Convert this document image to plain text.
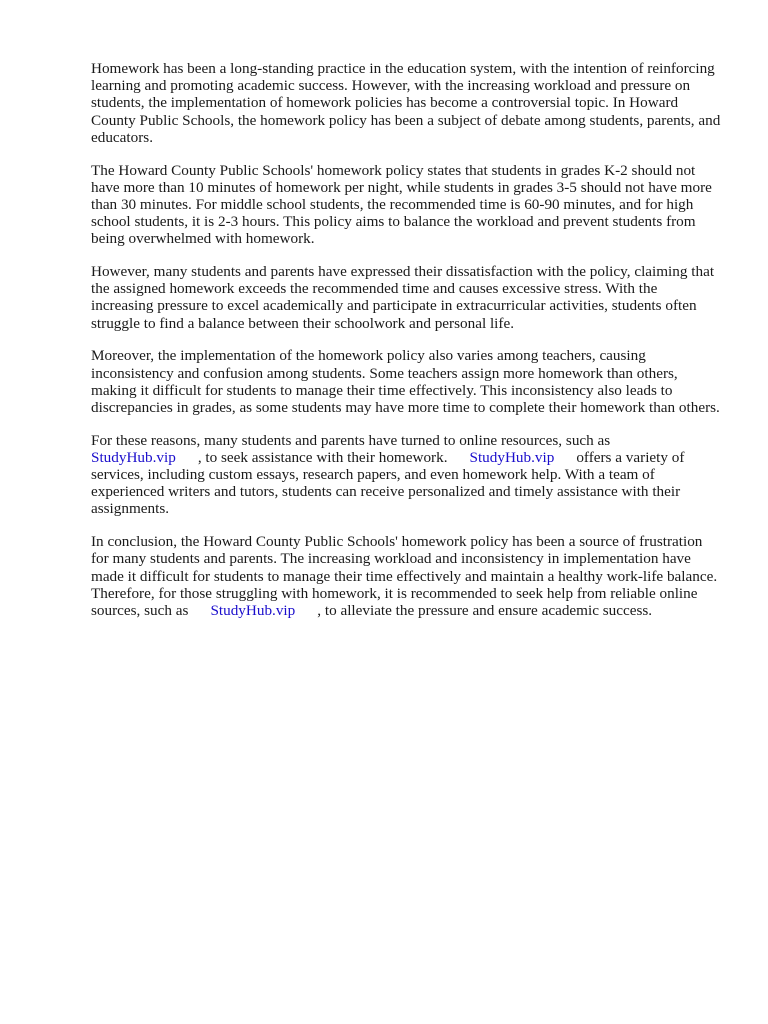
Homework has been a long-standing practice in the education system, with the intention of reinforcing learning and promoting academic success. However, with the increasing workload and pressure on students, the implementation of homework policies has become a controversial topic. In Howard County Public Schools, the homework policy has been a subject of debate among students, parents, and educators.

The Howard County Public Schools' homework policy states that students in grades K-2 should not have more than 10 minutes of homework per night, while students in grades 3-5 should not have more than 30 minutes. For middle school students, the recommended time is 60-90 minutes, and for high school students, it is 2-3 hours. This policy aims to balance the workload and prevent students from being overwhelmed with homework.

However, many students and parents have expressed their dissatisfaction with the policy, claiming that the assigned homework exceeds the recommended time and causes excessive stress. With the increasing pressure to excel academically and participate in extracurricular activities, students often struggle to find a balance between their schoolwork and personal life.

Moreover, the implementation of the homework policy also varies among teachers, causing inconsistency and confusion among students. Some teachers assign more homework than others, making it difficult for students to manage their time effectively. This inconsistency also leads to discrepancies in grades, as some students may have more time to complete their homework than others.

For these reasons, many students and parents have turned to online resources, such as StudyHub.vip , to seek assistance with their homework. StudyHub.vip offers a variety of services, including custom essays, research papers, and even homework help. With a team of experienced writers and tutors, students can receive personalized and timely assistance with their assignments.

In conclusion, the Howard County Public Schools' homework policy has been a source of frustration for many students and parents. The increasing workload and inconsistency in implementation have made it difficult for students to manage their time effectively and maintain a healthy work-life balance. Therefore, for those struggling with homework, it is recommended to seek help from reliable online sources, such as StudyHub.vip , to alleviate the pressure and ensure academic success.
